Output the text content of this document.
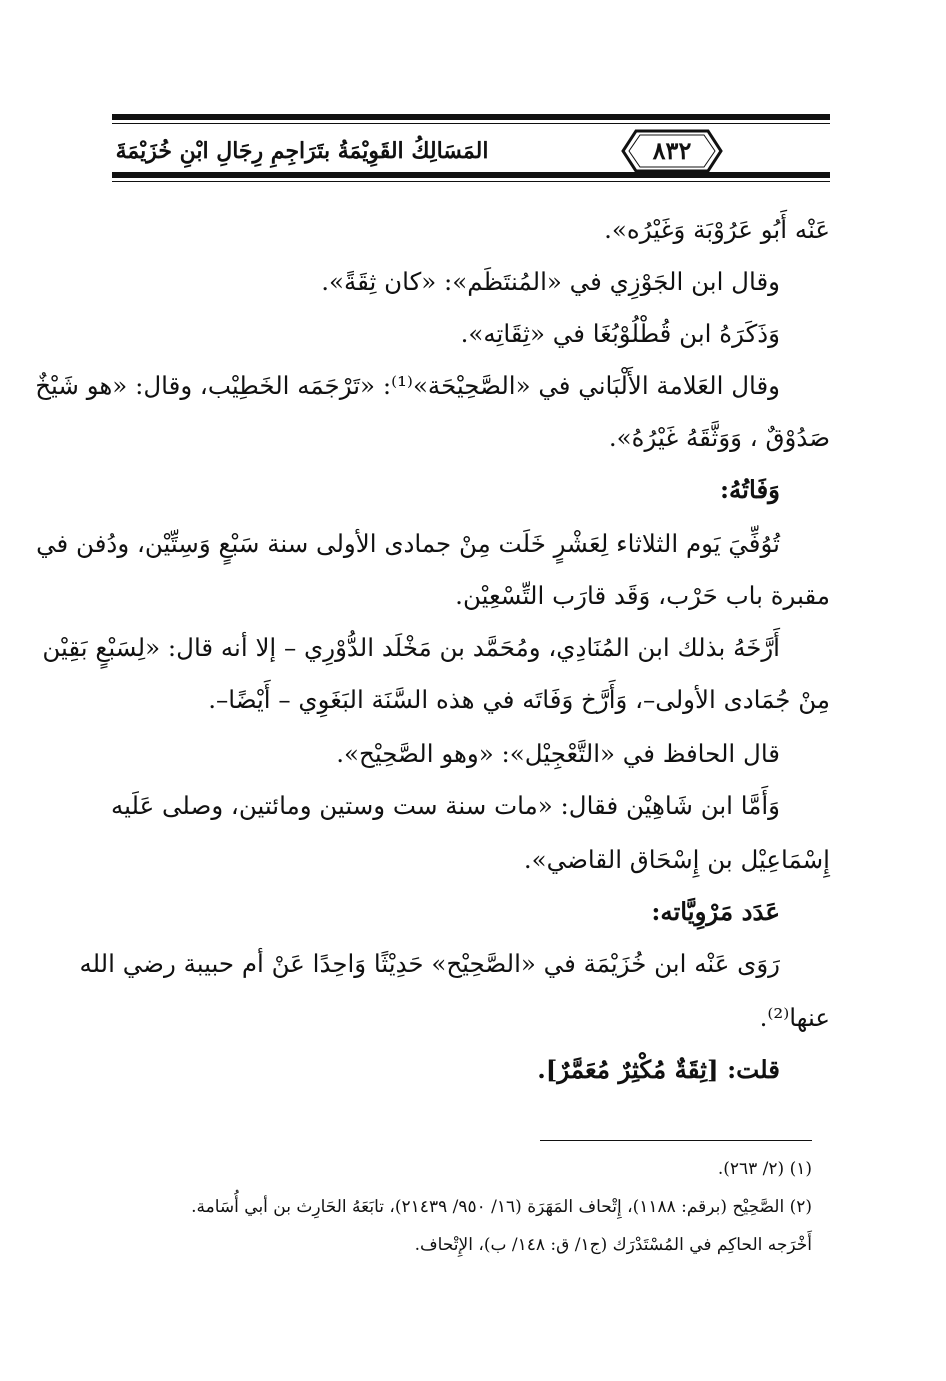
٨٣٢
المَسَالِكُ القَوِيْمَةُ بتَرَاجِمِ رِجَالِ ابْنِ خُزَيْمَةَ
عَنْه أَبُو عَرُوْبَة وَغَيْرُه».
وقال ابن الجَوْزِي في «المُنتَظَم»: «كان ثِقَةً».
وَذَكَرَهُ ابن قُطْلُوْبُغَا في «ثِقَاتِه».
وقال العَلامة الأَلْبَاني في «الصَّحِيْحَة»⁽¹⁾: «تَرْجَمَه الخَطِيْب، وقال: «هو شَيْخٌ
صَدُوْقٌ ، وَوَثَّقَهُ غَيْرُهُ».
وَفَاتُهُ:
تُوُفِّيَ يَوم الثلاثاء لِعَشْرٍ خَلَت مِنْ جمادى الأولى سنة سَبْعٍ وَسِتِّيْن، ودُفن في
مقبرة باب حَرْب، وَقَد قارَب التِّسْعِيْن.
أَرَّخَهُ بذلك ابن المُنَادِي، ومُحَمَّد بن مَخْلَد الدُّوْرِي – إلا أنه قال: «لِسَبْعٍ بَقِيْن
مِنْ جُمَادى الأولى–، وَأَرَّخ وَفَاتَه في هذه السَّنَة البَغَوِي – أَيْضًا–.
قال الحافظ في «التَّعْجِيْل»: «وهو الصَّحِيْح».
وَأَمَّا ابن شَاهِيْن فقال: «مات سنة ست وستين ومائتين، وصلى عَلَيه
إِسْمَاعِيْل بن إِسْحَاق القاضي».
عَدَد مَرْوِيَّاته:
رَوَى عَنْه ابن خُزَيْمَة في «الصَّحِيْح» حَدِيْثًا وَاحِدًا عَنْ أم حبيبة رضي الله
عنها⁽²⁾.
قلت: [ثِقَةٌ مُكْثِرٌ مُعَمَّرٌ].
(١) (٢/ ٢٦٣).
(٢) الصَّحِيْح (برقم: ١١٨٨)، إِتْحاف المَهَرَة (١٦/ ٩٥٠/ ٢١٤٣٩)، تابَعَهُ الحَارِث بن أبي أُسَامة.
أَخْرَجه الحاكِم في المُسْتَدْرَك (ج١/ ق: ١٤٨/ ب)، الإِتْحاف.
